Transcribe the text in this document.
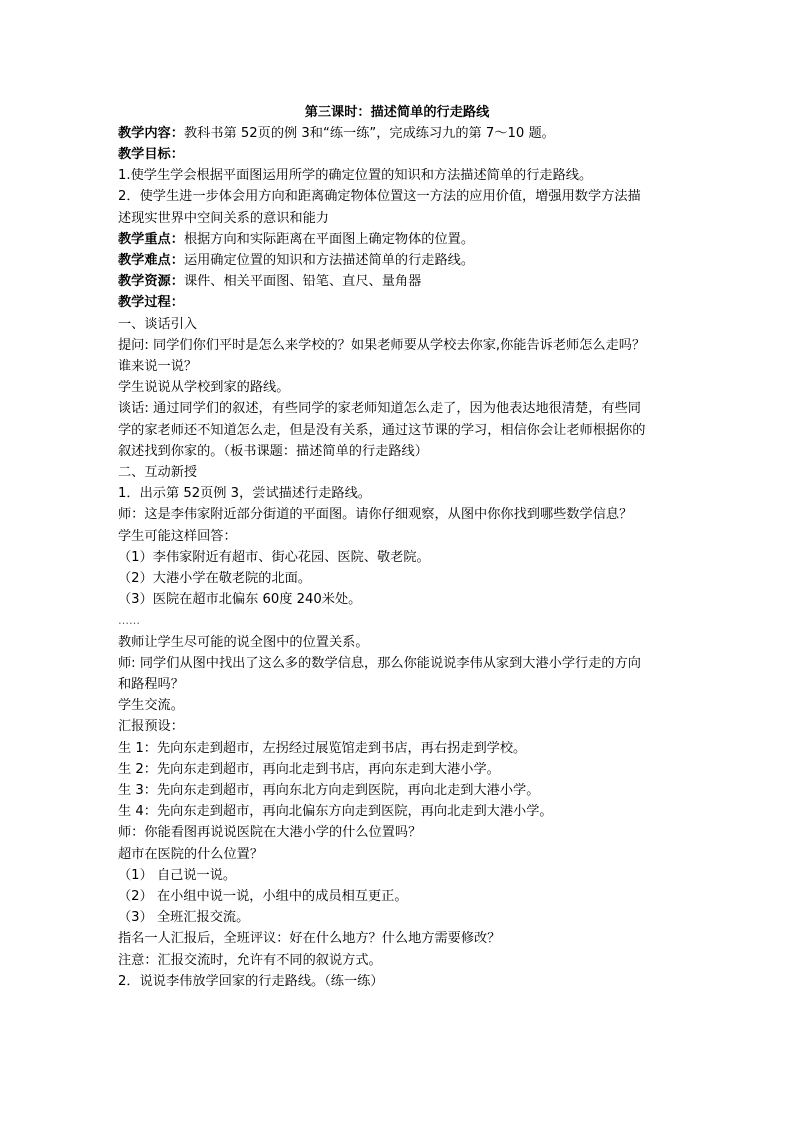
第三课时：描述简单的行走路线
教学内容：教科书第 52页的例 3和“练一练”，完成练习九的第 7～10 题。
教学目标：
1.使学生学会根据平面图运用所学的确定位置的知识和方法描述简单的行走路线。
2．使学生进一步体会用方向和距离确定物体位置这一方法的应用价值，增强用数学方法描
述现实世界中空间关系的意识和能力
教学重点：根据方向和实际距离在平面图上确定物体的位置。
教学难点：运用确定位置的知识和方法描述简单的行走路线。
教学资源：课件、相关平面图、铅笔、直尺、量角器
教学过程：
一、谈话引入
提问: 同学们你们平时是怎么来学校的？如果老师要从学校去你家,你能告诉老师怎么走吗？
谁来说一说？
学生说说从学校到家的路线。
谈话: 通过同学们的叙述，有些同学的家老师知道怎么走了，因为他表达地很清楚，有些同
学的家老师还不知道怎么走，但是没有关系，通过这节课的学习，相信你会让老师根据你的
叙述找到你家的。（板书课题：描述简单的行走路线）
二、互动新授
1．出示第 52页例 3，尝试描述行走路线。
师：这是李伟家附近部分街道的平面图。请你仔细观察，从图中你你找到哪些数学信息？
学生可能这样回答：
（1）李伟家附近有超市、街心花园、医院、敬老院。
（2）大港小学在敬老院的北面。
（3）医院在超市北偏东 60度 240米处。
……
教师让学生尽可能的说全图中的位置关系。
师: 同学们从图中找出了这么多的数学信息，那么你能说说李伟从家到大港小学行走的方向
和路程吗？
学生交流。
汇报预设：
生 1：先向东走到超市，左拐经过展览馆走到书店，再右拐走到学校。
生 2：先向东走到超市，再向北走到书店，再向东走到大港小学。
生 3：先向东走到超市，再向东北方向走到医院，再向北走到大港小学。
生 4：先向东走到超市，再向北偏东方向走到医院，再向北走到大港小学。
师：你能看图再说说医院在大港小学的什么位置吗？
超市在医院的什么位置？
（1） 自己说一说。
（2） 在小组中说一说，小组中的成员相互更正。
（3） 全班汇报交流。
指名一人汇报后，全班评议：好在什么地方？什么地方需要修改？
注意：汇报交流时，允许有不同的叙说方式。
2．说说李伟放学回家的行走路线。（练一练）
